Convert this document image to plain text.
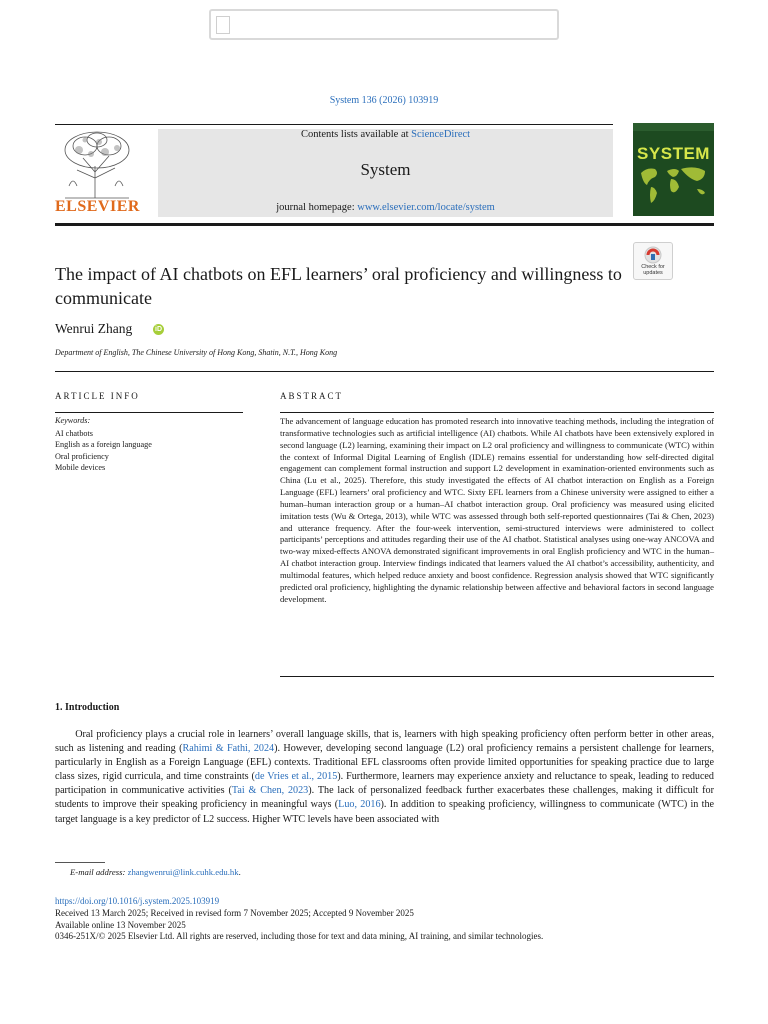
System 136 (2026) 103919
ELSEVIER
Contents lists available at ScienceDirect
System
journal homepage: www.elsevier.com/locate/system
SYSTEM
Check for updates
The impact of AI chatbots on EFL learners’ oral proficiency and willingness to communicate
Wenrui Zhang	iD
Department of English, The Chinese University of Hong Kong, Shatin, N.T., Hong Kong
ARTICLE INFO	ABSTRACT
Keywords:
AI chatbots
English as a foreign language
Oral proficiency
Mobile devices
The advancement of language education has promoted research into innovative teaching methods, including the integration of transformative technologies such as artificial intelligence (AI) chatbots. While AI chatbots have been extensively explored in second language (L2) learning, examining their impact on L2 oral proficiency and willingness to communicate (WTC) within the context of Informal Digital Learning of English (IDLE) remains essential for understanding how self-directed digital engagement can complement formal instruction and support L2 development in examination-oriented environments such as China (Lu et al., 2025). Therefore, this study investigated the effects of AI chatbot interaction on English as a Foreign Language (EFL) learners’ oral proficiency and WTC. Sixty EFL learners from a Chinese university were assigned to either a human–human interaction group or a human–AI chatbot interaction group. Oral proficiency was measured using elicited imitation tests (Wu & Ortega, 2013), while WTC was assessed through both self-reported questionnaires (Tai & Chen, 2023) and utterance frequency. After the four-week intervention, semi-structured interviews were administered to collect participants’ perceptions and attitudes regarding their use of the AI chatbot. Statistical analyses using one-way ANCOVA and two-way mixed-effects ANOVA demonstrated significant improvements in oral English proficiency and WTC in the human–AI chatbot interaction group. Interview findings indicated that learners valued the AI chatbot’s accessibility, authenticity, and multimodal features, which helped reduce anxiety and boost confidence. Regression analysis showed that WTC significantly predicted oral proficiency, highlighting the dynamic relationship between affective and behavioral factors in second language development.
1. Introduction
  Oral proficiency plays a crucial role in learners’ overall language skills, that is, learners with high speaking proficiency often perform better in other areas, such as listening and reading (Rahimi & Fathi, 2024). However, developing second language (L2) oral proficiency remains a persistent challenge for learners, particularly in English as a Foreign Language (EFL) contexts. Traditional EFL classrooms often provide limited opportunities for speaking practice due to large class sizes, rigid curricula, and time constraints (de Vries et al., 2015). Furthermore, learners may experience anxiety and reluctance to speak, leading to reduced participation in communicative activities (Tai & Chen, 2023). The lack of personalized feedback further exacerbates these challenges, making it difficult for students to improve their speaking proficiency in meaningful ways (Luo, 2016). In addition to speaking proficiency, willingness to communicate (WTC) in the target language is a key predictor of L2 success. Higher WTC levels have been associated with
E-mail address: zhangwenrui@link.cuhk.edu.hk.
https://doi.org/10.1016/j.system.2025.103919
Received 13 March 2025; Received in revised form 7 November 2025; Accepted 9 November 2025
Available online 13 November 2025
0346-251X/© 2025 Elsevier Ltd. All rights are reserved, including those for text and data mining, AI training, and similar technologies.
